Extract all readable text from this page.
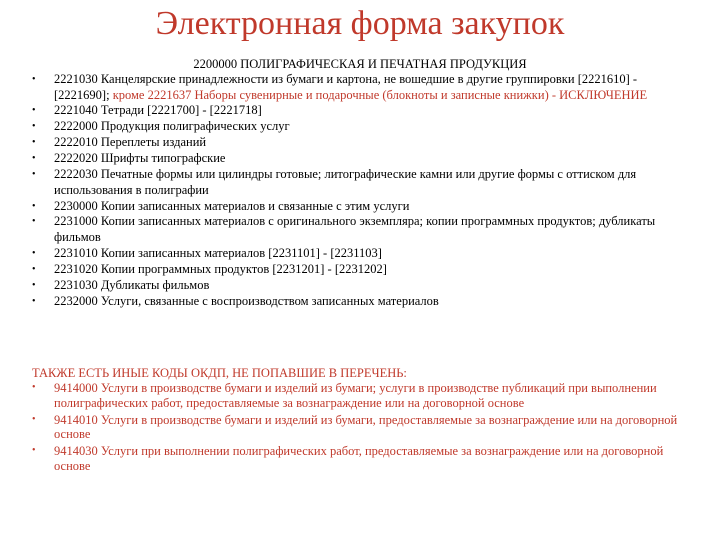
Электронная форма закупок
2200000 ПОЛИГРАФИЧЕСКАЯ И ПЕЧАТНАЯ ПРОДУКЦИЯ
•	2221030 Канцелярские принадлежности из бумаги и картона, не вошедшие в другие группировки [2221610] - [2221690]; кроме 2221637 Наборы сувенирные и подарочные (блокноты и записные книжки) - ИСКЛЮЧЕНИЕ
•	2221040 Тетради [2221700] - [2221718]
•	2222000 Продукция полиграфических услуг
•	2222010 Переплеты изданий
•	2222020 Шрифты типографские
•	2222030 Печатные формы или цилиндры готовые; литографические камни или другие формы с оттиском для использования в полиграфии
•	2230000 Копии записанных материалов и связанные с этим услуги
•	2231000 Копии записанных материалов с оригинального экземпляра; копии программных продуктов; дубликаты фильмов
•	2231010 Копии записанных материалов [2231101] - [2231103]
•	2231020 Копии программных продуктов [2231201] - [2231202]
•	2231030 Дубликаты фильмов
•	2232000 Услуги, связанные с воспроизводством записанных материалов
ТАКЖЕ ЕСТЬ ИНЫЕ КОДЫ ОКДП, НЕ ПОПАВШИЕ В ПЕРЕЧЕНЬ:
• 9414000 Услуги в производстве бумаги и изделий из бумаги; услуги в производстве публикаций при выполнении полиграфических работ, предоставляемые за вознаграждение или на договорной основе
• 9414010 Услуги в производстве бумаги и изделий из бумаги, предоставляемые за вознаграждение или на договорной основе
• 9414030 Услуги при выполнении полиграфических работ, предоставляемые за вознаграждение или на договорной основе
